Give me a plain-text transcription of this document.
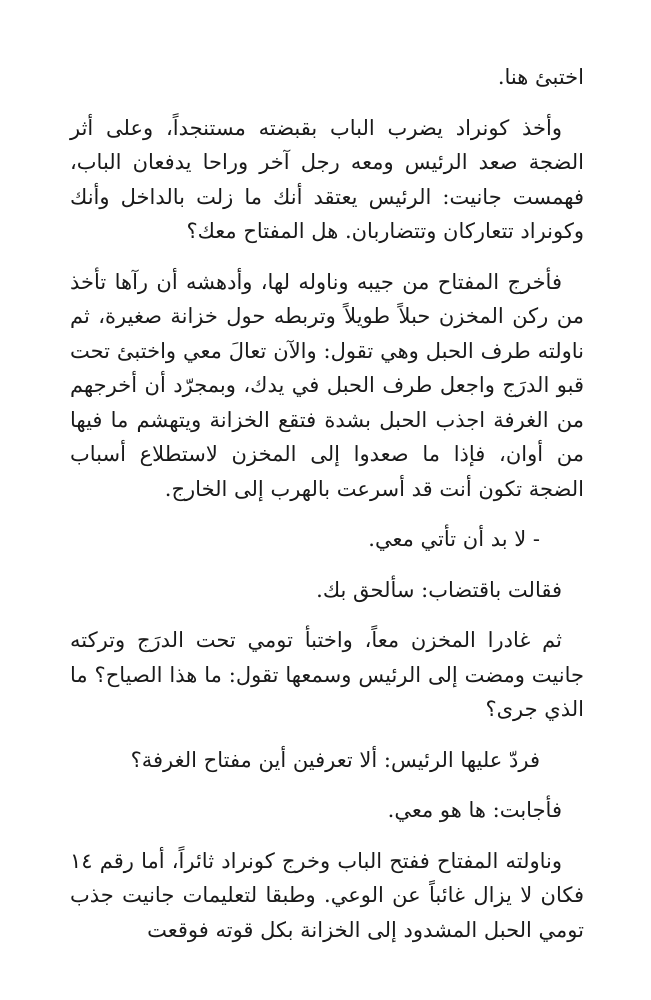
اختبئ هنا.

وأخذ كونراد يضرب الباب بقبضته مستنجداً، وعلى أثر الضجة صعد الرئيس ومعه رجل آخر وراحا يدفعان الباب، فهمست جانيت: الرئيس يعتقد أنك ما زلت بالداخل وأنك وكونراد تتعاركان وتتضاربان. هل المفتاح معك؟

فأخرج المفتاح من جيبه وناوله لها، وأدهشه أن رآها تأخذ من ركن المخزن حبلاً طويلاً وتربطه حول خزانة صغيرة، ثم ناولته طرف الحبل وهي تقول: والآن تعالَ معي واختبئ تحت قبو الدرَج واجعل طرف الحبل في يدك، وبمجرّد أن أخرجهم من الغرفة اجذب الحبل بشدة فتقع الخزانة ويتهشم ما فيها من أوان، فإذا ما صعدوا إلى المخزن لاستطلاع أسباب الضجة تكون أنت قد أسرعت بالهرب إلى الخارج.

- لا بد أن تأتي معي.

فقالت باقتضاب: سألحق بك.

ثم غادرا المخزن معاً، واختبأ تومي تحت الدرَج وتركته جانيت ومضت إلى الرئيس وسمعها تقول: ما هذا الصياح؟ ما الذي جرى؟

فردّ عليها الرئيس: ألا تعرفين أين مفتاح الغرفة؟

فأجابت: ها هو معي.

وناولته المفتاح ففتح الباب وخرج كونراد ثائراً، أما رقم ١٤ فكان لا يزال غائباً عن الوعي. وطبقا لتعليمات جانيت جذب تومي الحبل المشدود إلى الخزانة بكل قوته فوقعت
